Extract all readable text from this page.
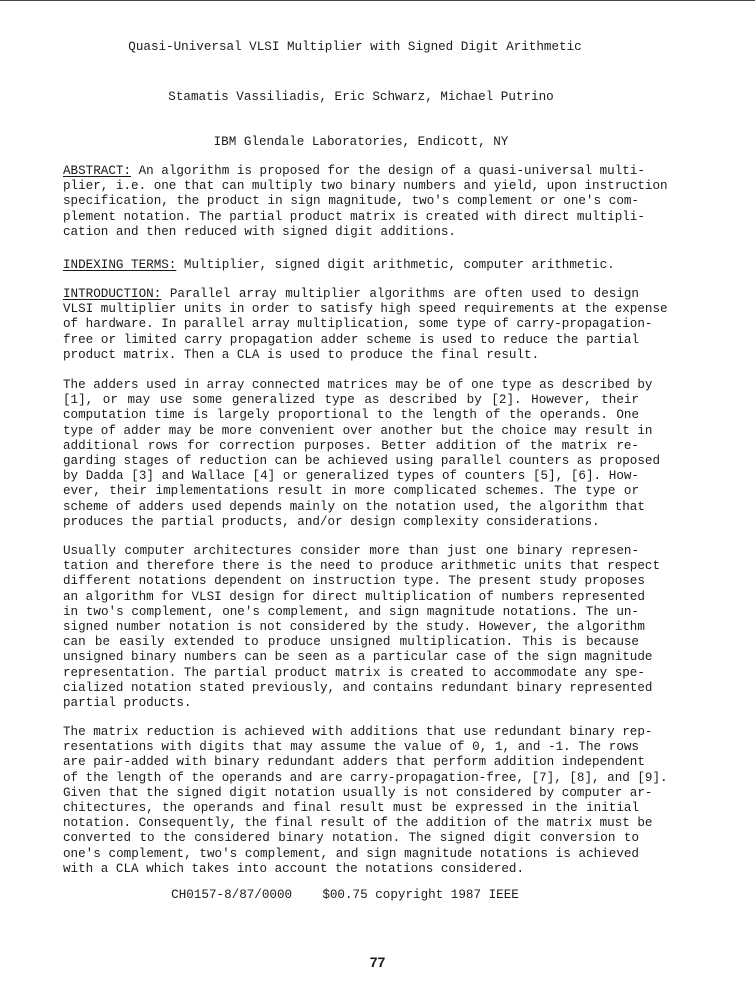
Quasi-Universal VLSI Multiplier with Signed Digit Arithmetic
Stamatis Vassiliadis, Eric Schwarz, Michael Putrino
IBM Glendale Laboratories, Endicott, NY
ABSTRACT: An algorithm is proposed for the design of a quasi-universal multi-
plier, i.e. one that can multiply two binary numbers and yield, upon instruction
specification, the product in sign magnitude, two's complement or one's com-
plement notation. The partial product matrix is created with direct multipli-
cation and then reduced with signed digit additions.
INDEXING TERMS: Multiplier, signed digit arithmetic, computer arithmetic.
INTRODUCTION: Parallel array multiplier algorithms are often used to design
VLSI multiplier units in order to satisfy high speed requirements at the expense
of hardware. In parallel array multiplication, some type of carry-propagation-
free or limited carry propagation adder scheme is used to reduce the partial
product matrix. Then a CLA is used to produce the final result.
The adders used in array connected matrices may be of one type as described by
[1], or may use some generalized type as described by [2]. However, their
computation time is largely proportional to the length of the operands. One
type of adder may be more convenient over another but the choice may result in
additional rows for correction purposes. Better addition of the matrix re-
garding stages of reduction can be achieved using parallel counters as proposed
by Dadda [3] and Wallace [4] or generalized types of counters [5], [6]. How-
ever, their implementations result in more complicated schemes. The type or
scheme of adders used depends mainly on the notation used, the algorithm that
produces the partial products, and/or design complexity considerations.
Usually computer architectures consider more than just one binary represen-
tation and therefore there is the need to produce arithmetic units that respect
different notations dependent on instruction type. The present study proposes
an algorithm for VLSI design for direct multiplication of numbers represented
in two's complement, one's complement, and sign magnitude notations. The un-
signed number notation is not considered by the study. However, the algorithm
can be easily extended to produce unsigned multiplication. This is because
unsigned binary numbers can be seen as a particular case of the sign magnitude
representation. The partial product matrix is created to accommodate any spe-
cialized notation stated previously, and contains redundant binary represented
partial products.
The matrix reduction is achieved with additions that use redundant binary rep-
resentations with digits that may assume the value of 0, 1, and -1. The rows
are pair-added with binary redundant adders that perform addition independent
of the length of the operands and are carry-propagation-free, [7], [8], and [9].
Given that the signed digit notation usually is not considered by computer ar-
chitectures, the operands and final result must be expressed in the initial
notation. Consequently, the final result of the addition of the matrix must be
converted to the considered binary notation. The signed digit conversion to
one's complement, two's complement, and sign magnitude notations is achieved
with a CLA which takes into account the notations considered.
CH0157-8/87/0000    $00.75 copyright 1987 IEEE
77
